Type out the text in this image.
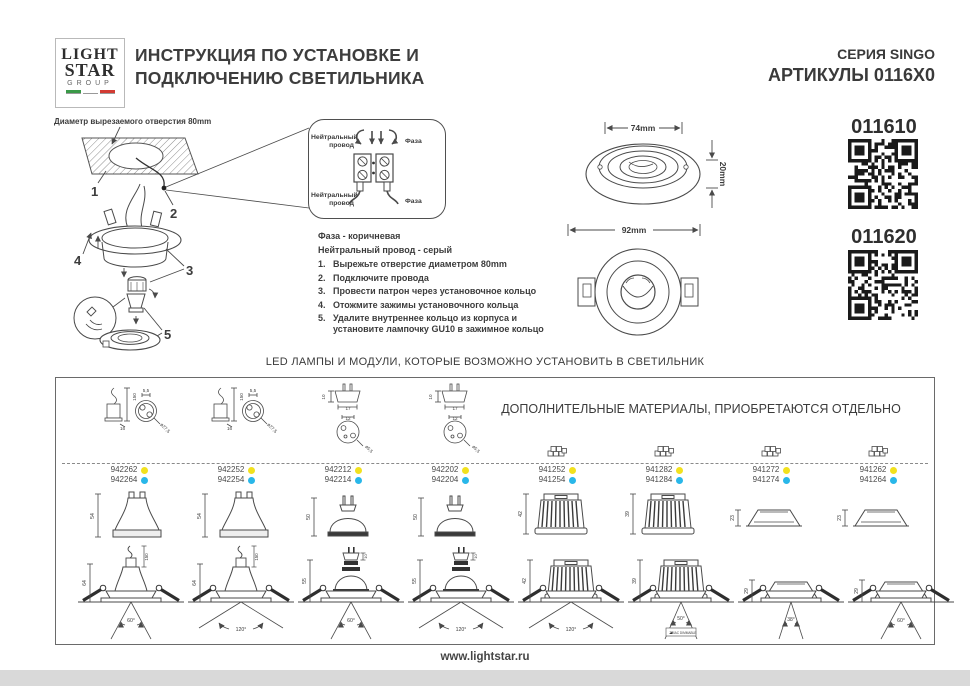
LIGHT
STAR
GROUP
ИНСТРУКЦИЯ ПО УСТАНОВКЕ И
ПОДКЛЮЧЕНИЮ СВЕТИЛЬНИКА
СЕРИЯ SINGO
АРТИКУЛЫ 0116X0
011610
011620
Диаметр вырезаемого отверстия 80mm
1
2
4
3
5
Нейтральный
провод
Фаза
Нейтральный
провод	Фаза
Фаза - коричневая
Нейтральный провод - серый
1. Вырежьте отверстие диаметром 80mm
2. Подключите провода
3. Провести патрон через установочное кольцо
4. Отожмите зажимы установочного кольца
5. Удалите внутреннее кольцо из корпуса и установите лампочку GU10 в зажимное кольцо
74mm
20mm
92mm
LED ЛАМПЫ И МОДУЛИ, КОТОРЫЕ ВОЗМОЖНО УСТАНОВИТЬ В СВЕТИЛЬНИК
ДОПОЛНИТЕЛЬНЫЕ МАТЕРИАЛЫ, ПРИОБРЕТАЮТСЯ ОТДЕЛЬНО
150
16
5,5
ø27,5
150
16
5,5
ø27,5
10
17
12
ø5,5
10
17
12
ø5,5
942262
942264
942252
942254
942212
942214
942202
942204
941252
941254
941282
941284
941272
941274
941262
941264
54	54	50	50
42	39
23	23
150
64
60°
150
64
120°
10
55
60°
10
55
120°
42
120°
39
50°
TRIAC DIMMABLE
29
38°
29
60°
www.lightstar.ru
